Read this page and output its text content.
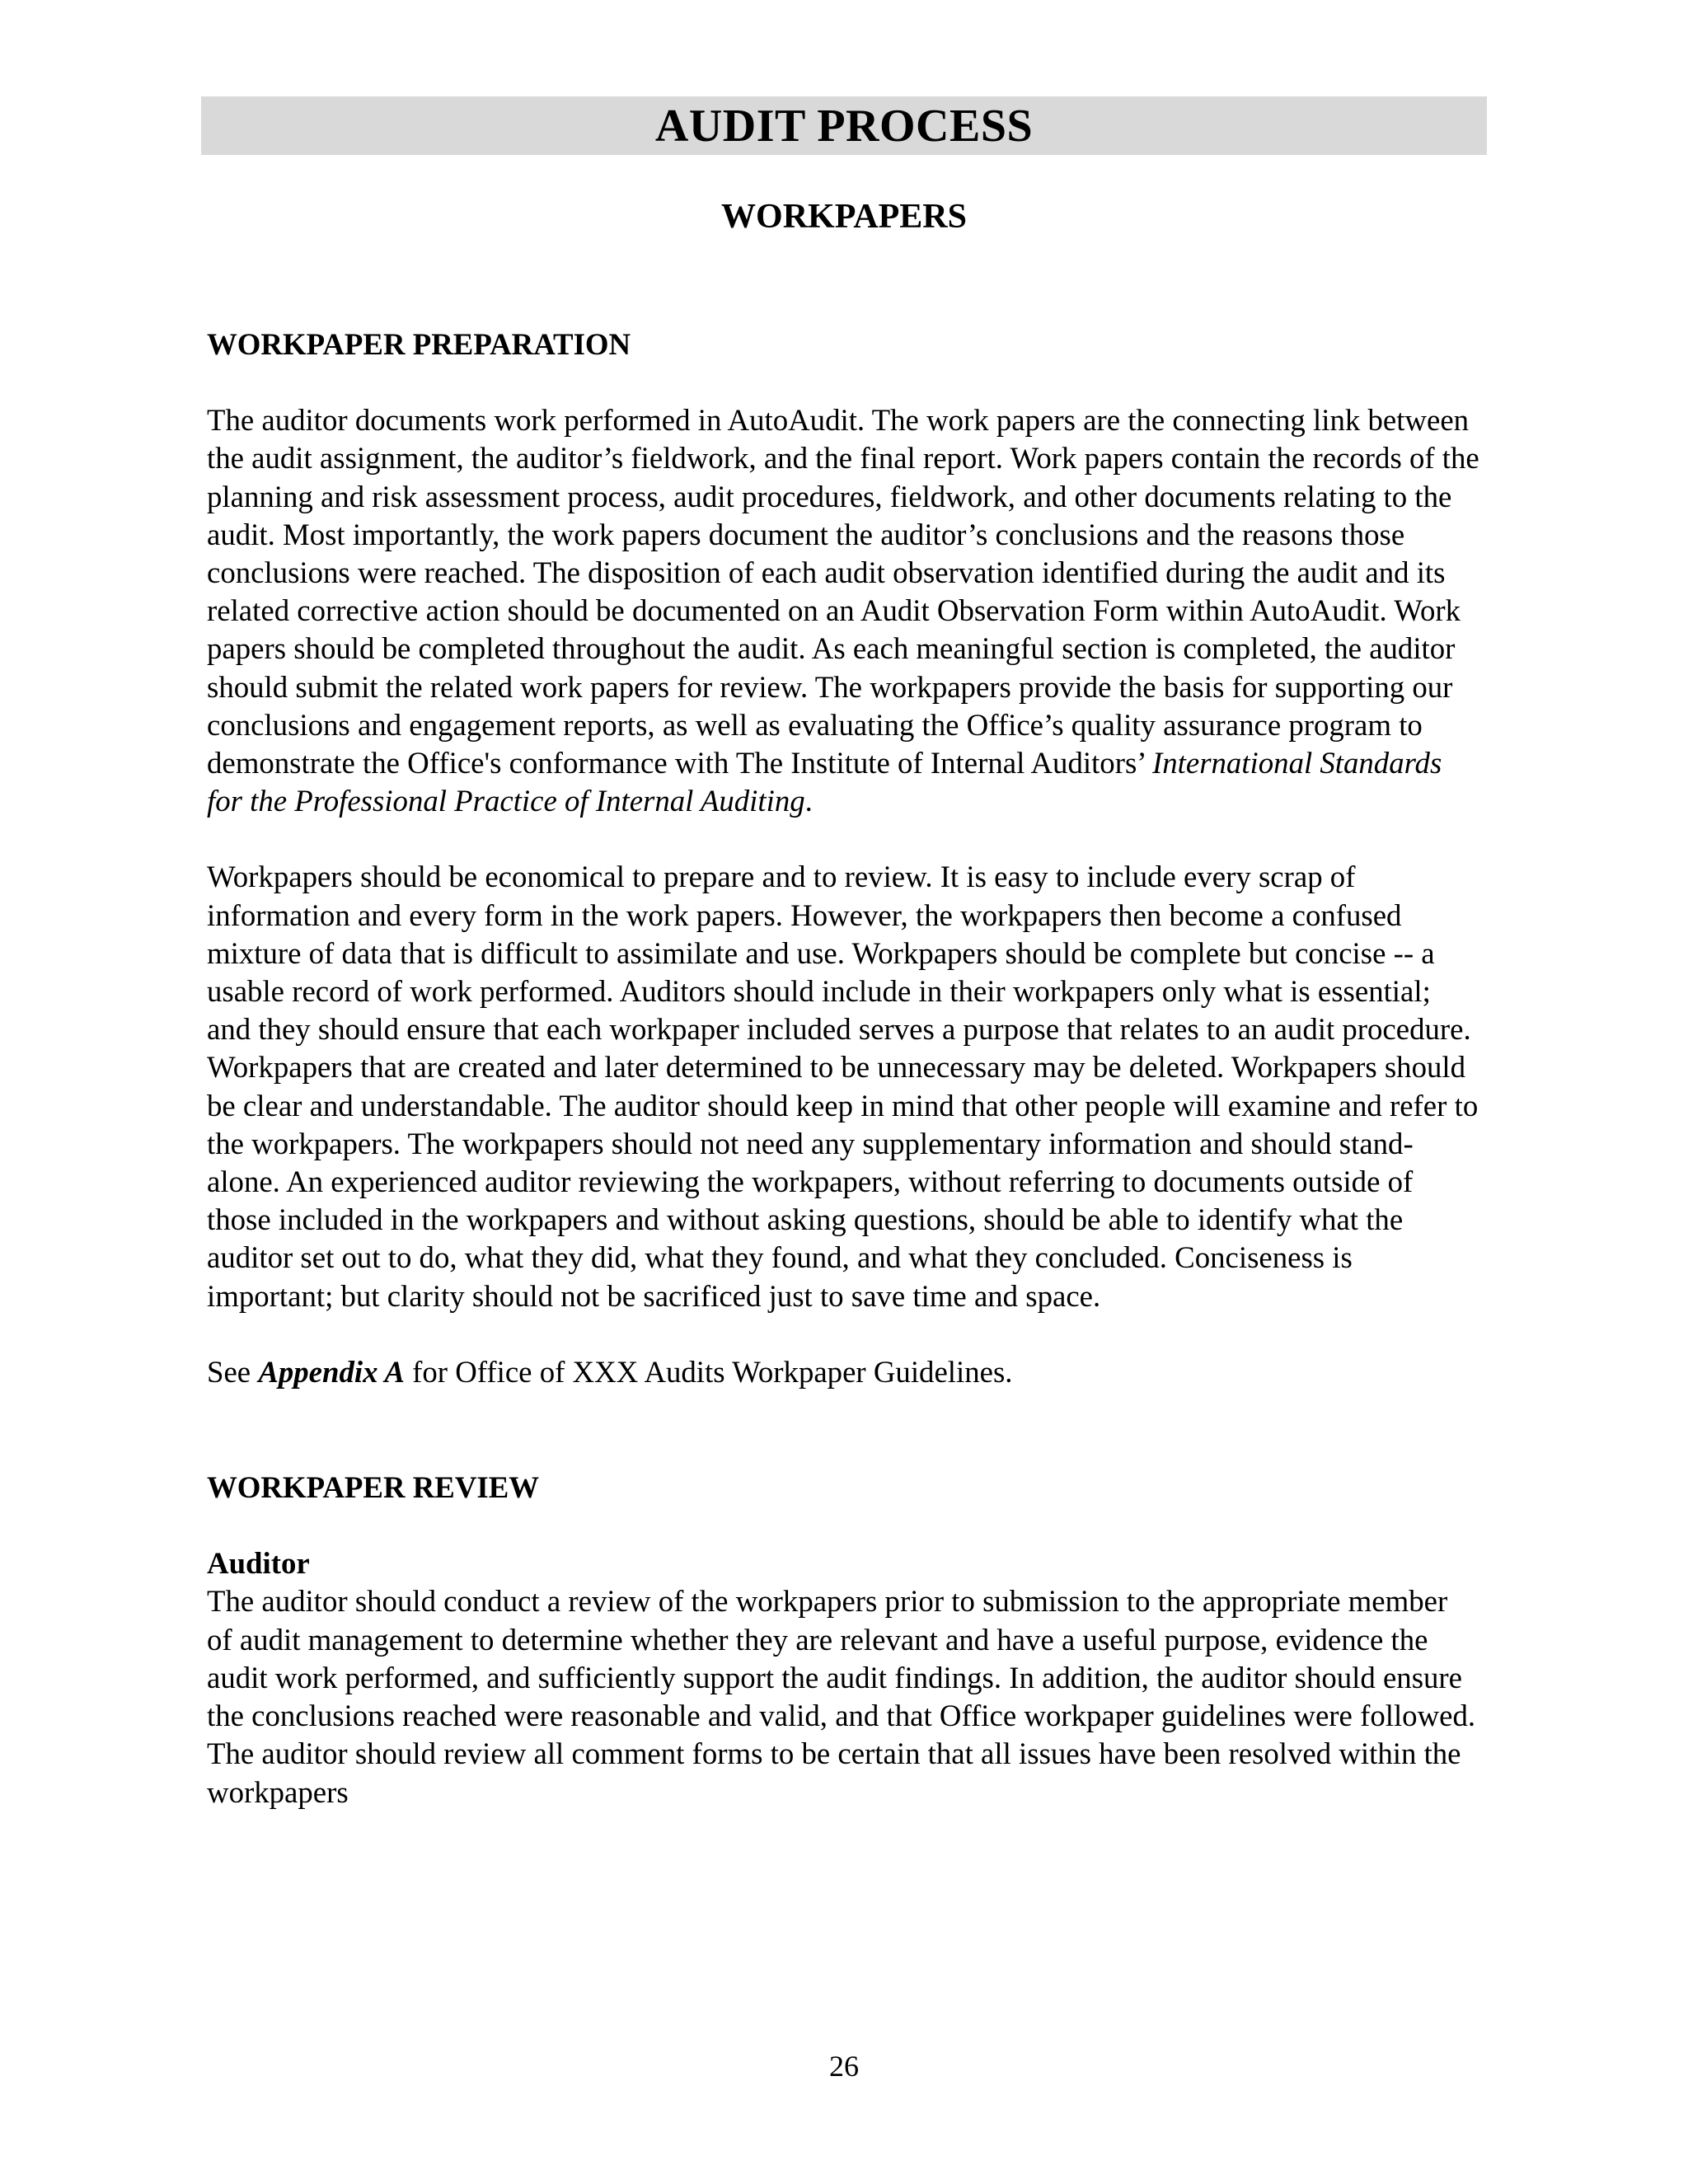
AUDIT PROCESS
WORKPAPERS

WORKPAPER PREPARATION

The auditor documents work performed in AutoAudit. The work papers are the connecting link between the audit assignment, the auditor’s fieldwork, and the final report. Work papers contain the records of the planning and risk assessment process, audit procedures, fieldwork, and other documents relating to the audit. Most importantly, the work papers document the auditor’s conclusions and the reasons those conclusions were reached. The disposition of each audit observation identified during the audit and its related corrective action should be documented on an Audit Observation Form within AutoAudit. Work papers should be completed throughout the audit. As each meaningful section is completed, the auditor should submit the related work papers for review. The workpapers provide the basis for supporting our conclusions and engagement reports, as well as evaluating the Office’s quality assurance program to demonstrate the Office's conformance with The Institute of Internal Auditors’ International Standards for the Professional Practice of Internal Auditing.

Workpapers should be economical to prepare and to review. It is easy to include every scrap of information and every form in the work papers. However, the workpapers then become a confused mixture of data that is difficult to assimilate and use. Workpapers should be complete but concise -- a usable record of work performed. Auditors should include in their workpapers only what is essential; and they should ensure that each workpaper included serves a purpose that relates to an audit procedure. Workpapers that are created and later determined to be unnecessary may be deleted. Workpapers should be clear and understandable. The auditor should keep in mind that other people will examine and refer to the workpapers. The workpapers should not need any supplementary information and should stand-alone. An experienced auditor reviewing the workpapers, without referring to documents outside of those included in the workpapers and without asking questions, should be able to identify what the auditor set out to do, what they did, what they found, and what they concluded. Conciseness is important; but clarity should not be sacrificed just to save time and space.

See Appendix A for Office of XXX Audits Workpaper Guidelines.

WORKPAPER REVIEW

Auditor

The auditor should conduct a review of the workpapers prior to submission to the appropriate member of audit management to determine whether they are relevant and have a useful purpose, evidence the audit work performed, and sufficiently support the audit findings. In addition, the auditor should ensure the conclusions reached were reasonable and valid, and that Office workpaper guidelines were followed. The auditor should review all comment forms to be certain that all issues have been resolved within the workpapers

26
